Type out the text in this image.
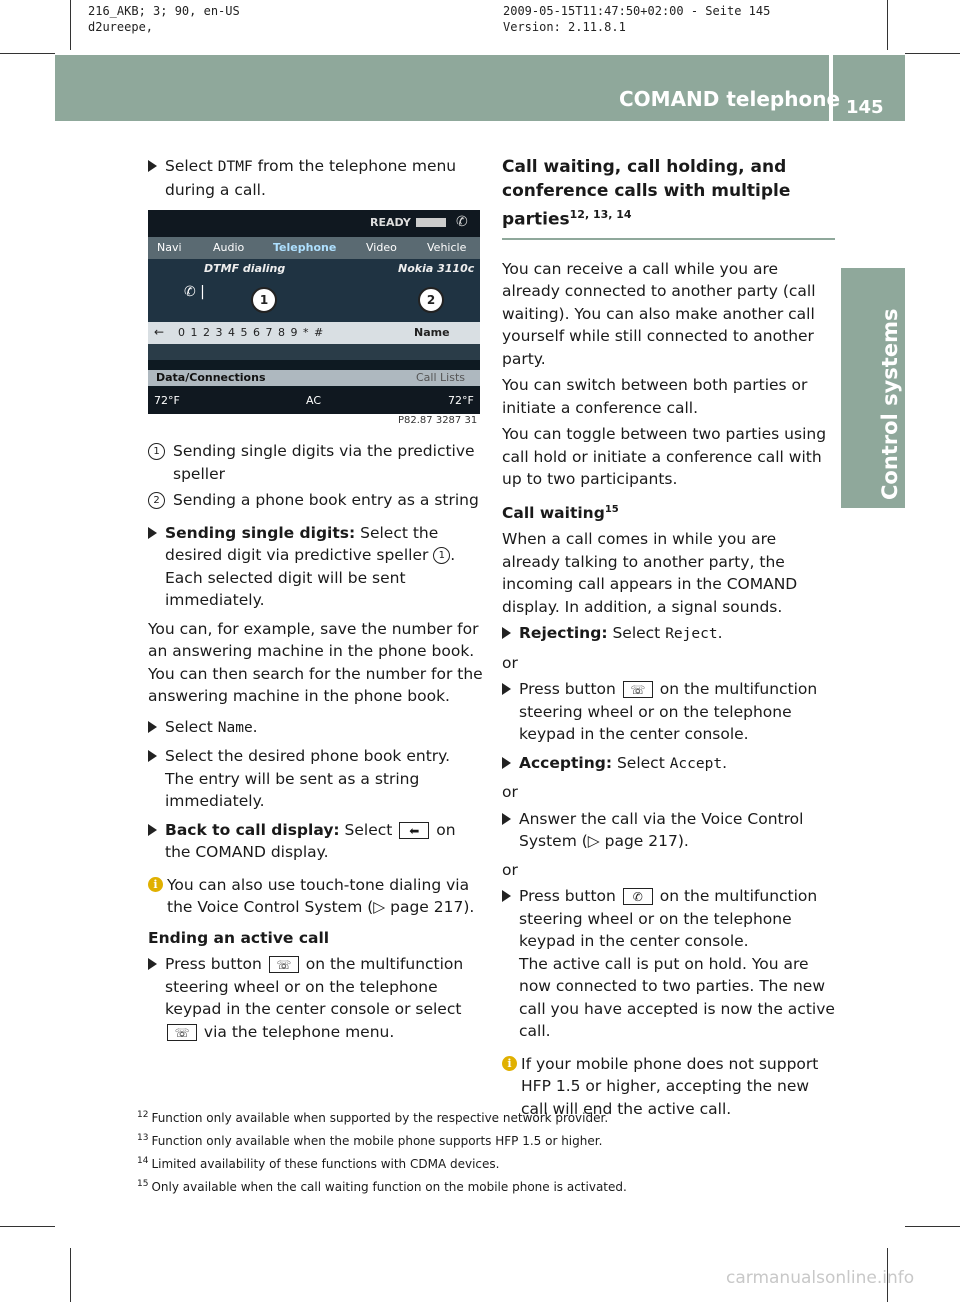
216_AKB; 3; 90, en-US
d2ureepe,
2009-05-15T11:47:50+02:00 - Seite 145
Version: 2.11.8.1
COMAND telephone 145
Control systems
Select DTMF from the telephone menu during a call.
READY	✆
Navi	Audio	Telephone	Video	Vehicle
DTMF dialing	Nokia 3110c
✆ |	1	2
← 0 1 2 3 4 5 6 7 8 9 * #	Name
Data/Connections	Call Lists
72°F	AC	72°F
P82.87 3287 31
1 Sending single digits via the predictive speller
2 Sending a phone book entry as a string
Sending single digits: Select the desired digit via predictive speller 1 .
Each selected digit will be sent immediately.

You can, for example, save the number for an answering machine in the phone book. You can then search for the number for the answering machine in the phone book.

Select Name.
Select the desired phone book entry.
The entry will be sent as a string immediately.
Back to call display: Select ⬅ on the COMAND display.
i You can also use touch-tone dialing via the Voice Control System (▷ page 217).
Ending an active call
Press button ☏ on the multifunction steering wheel or on the telephone keypad in the center console or select ☏ via the telephone menu.

Call waiting, call holding, and conference calls with multiple parties$^{12, 13, 14}$

You can receive a call while you are already connected to another party (call waiting). You can also make another call yourself while still connected to another party.

You can switch between both parties or initiate a conference call.

You can toggle between two parties using call hold or initiate a conference call with up to two participants.

Call waiting$^{15}$

When a call comes in while you are already talking to another party, the incoming call appears in the COMAND display. In addition, a signal sounds.

Rejecting: Select Reject.

or

Press button ☏ on the multifunction steering wheel or on the telephone keypad in the center console.
Accepting: Select Accept.

or

Answer the call via the Voice Control System (▷ page 217).

or

Press button ✆ on the multifunction steering wheel or on the telephone keypad in the center console.
The active call is put on hold. You are now connected to two parties. The new call you have accepted is now the active call.
i If your mobile phone does not support HFP 1.5 or higher, accepting the new call will end the active call.
$^{12}$ Function only available when supported by the respective network provider.
$^{13}$ Function only available when the mobile phone supports HFP 1.5 or higher.
$^{14}$ Limited availability of these functions with CDMA devices.
$^{15}$ Only available when the call waiting function on the mobile phone is activated.
carmanualsonline.info
